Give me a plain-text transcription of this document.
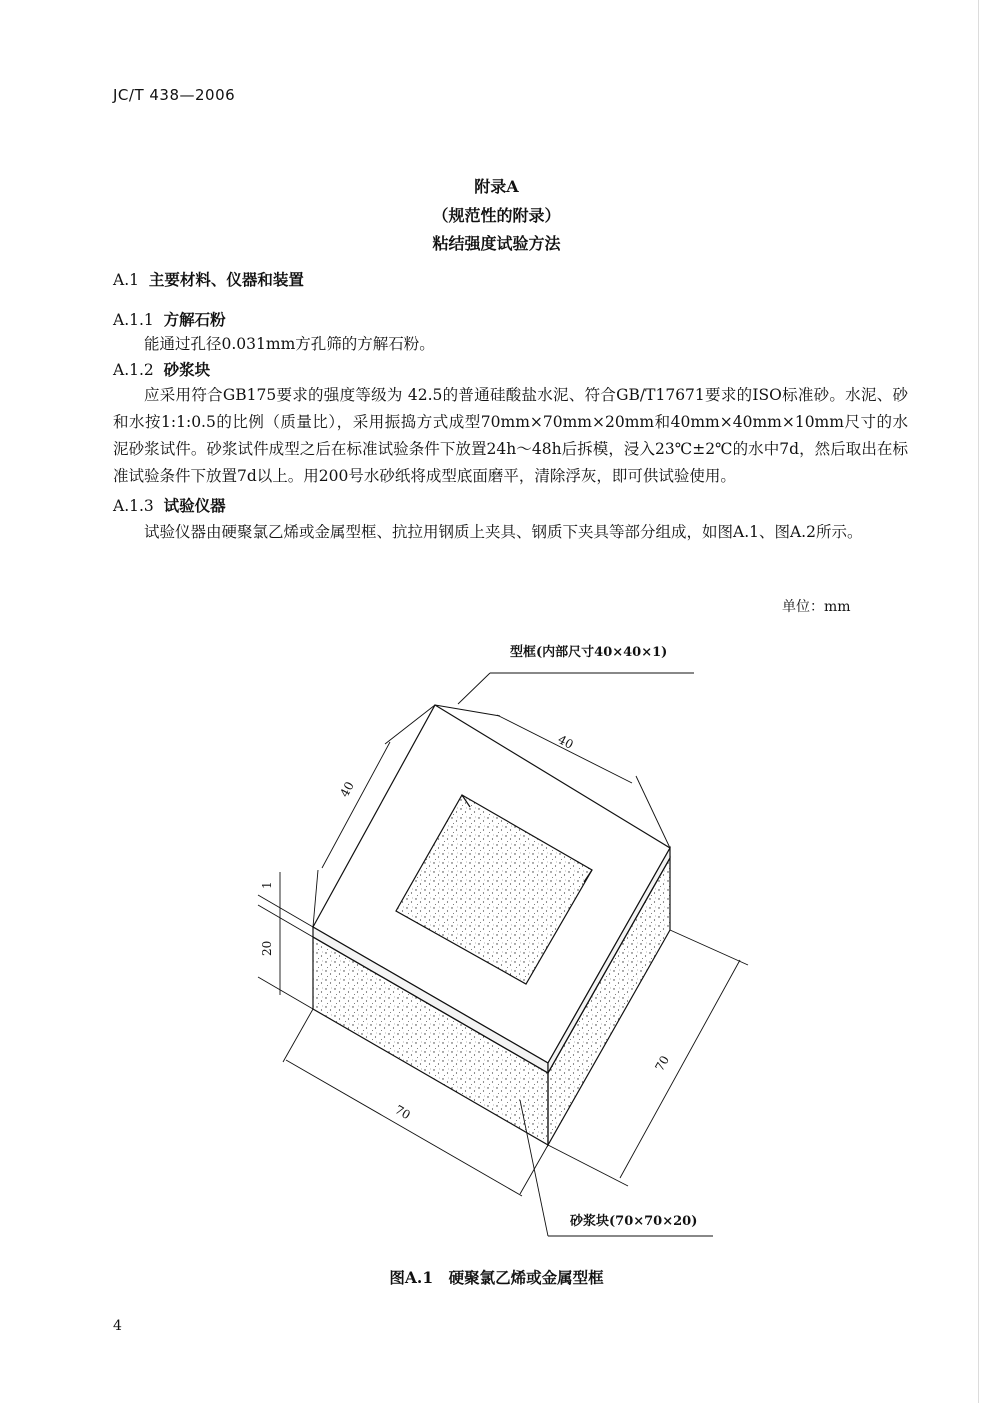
JC/T 438—2006
附录A
（规范性的附录）
粘结强度试验方法
A.1 主要材料、仪器和装置
A.1.1 方解石粉

能通过孔径0.031mm方孔筛的方解石粉。

A.1.2 砂浆块

应采用符合GB175要求的强度等级为 42.5的普通硅酸盐水泥、符合GB/T17671要求的ISO标准砂。水泥、砂和水按1:1:0.5的比例（质量比），采用振捣方式成型70mm×70mm×20mm和40mm×40mm×10mm尺寸的水泥砂浆试件。砂浆试件成型之后在标准试验条件下放置24h～48h后拆模，浸入23℃±2℃的水中7d，然后取出在标准试验条件下放置7d以上。用200号水砂纸将成型底面磨平，清除浮灰，即可供试验使用。

A.1.3 试验仪器

试验仪器由硬聚氯乙烯或金属型框、抗拉用钢质上夹具、钢质下夹具等部分组成，如图A.1、图A.2所示。

单位：mm
型框(内部尺寸40×40×1)
40
40
1
20
70
70
砂浆块(70×70×20)
图A.1　硬聚氯乙烯或金属型框
4
